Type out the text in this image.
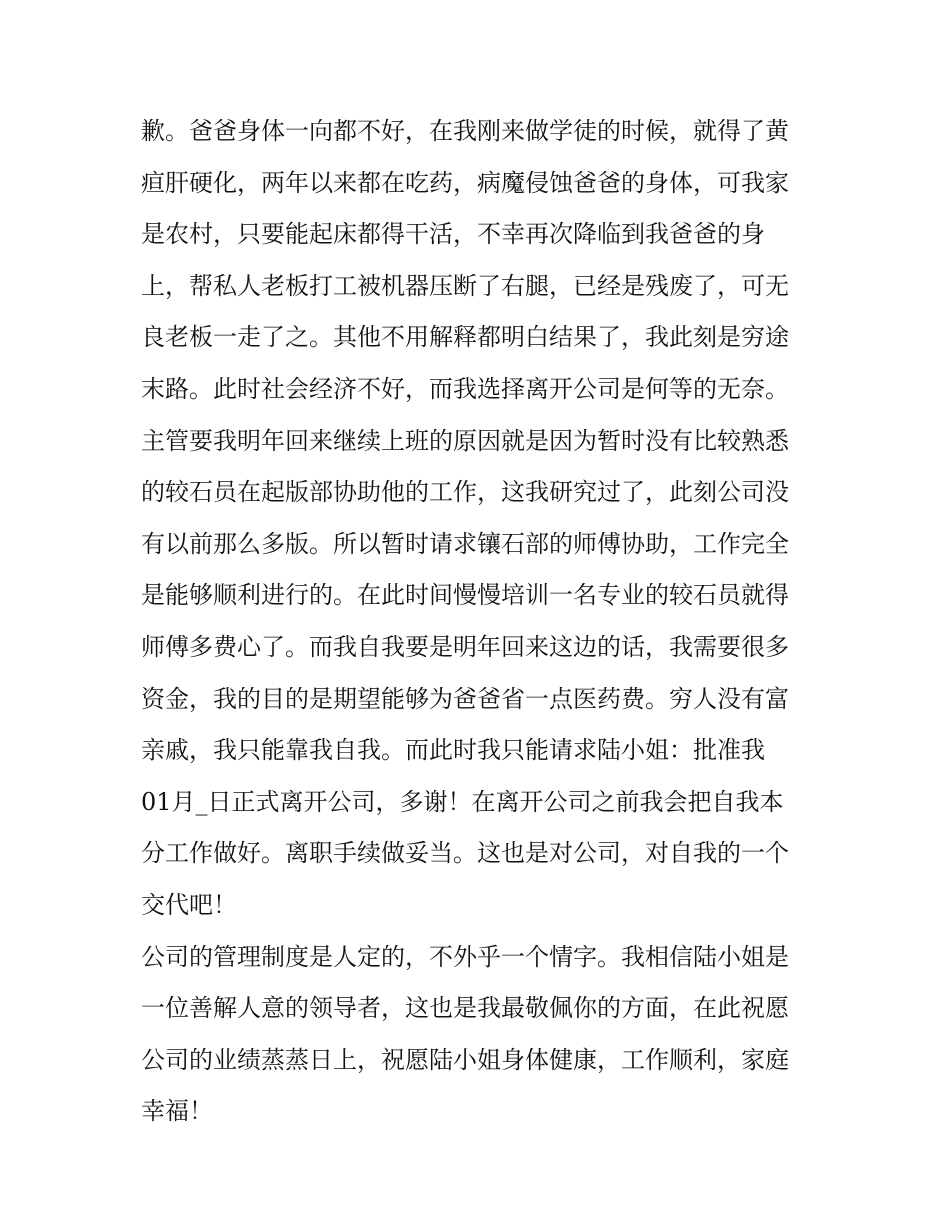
歉。爸爸身体一向都不好，在我刚来做学徒的时候，就得了黄
疸肝硬化，两年以来都在吃药，病魔侵蚀爸爸的身体，可我家
是农村，只要能起床都得干活，不幸再次降临到我爸爸的身
上，帮私人老板打工被机器压断了右腿，已经是残废了，可无
良老板一走了之。其他不用解释都明白结果了，我此刻是穷途
末路。此时社会经济不好，而我选择离开公司是何等的无奈。
主管要我明年回来继续上班的原因就是因为暂时没有比较熟悉
的较石员在起版部协助他的工作，这我研究过了，此刻公司没
有以前那么多版。所以暂时请求镶石部的师傅协助，工作完全
是能够顺利进行的。在此时间慢慢培训一名专业的较石员就得
师傅多费心了。而我自我要是明年回来这边的话，我需要很多
资金，我的目的是期望能够为爸爸省一点医药费。穷人没有富
亲戚，我只能靠我自我。而此时我只能请求陆小姐：批准我
01月_日正式离开公司，多谢！在离开公司之前我会把自我本
分工作做好。离职手续做妥当。这也是对公司，对自我的一个
交代吧！
公司的管理制度是人定的，不外乎一个情字。我相信陆小姐是
一位善解人意的领导者，这也是我最敬佩你的方面，在此祝愿
公司的业绩蒸蒸日上，祝愿陆小姐身体健康，工作顺利，家庭
幸福！
